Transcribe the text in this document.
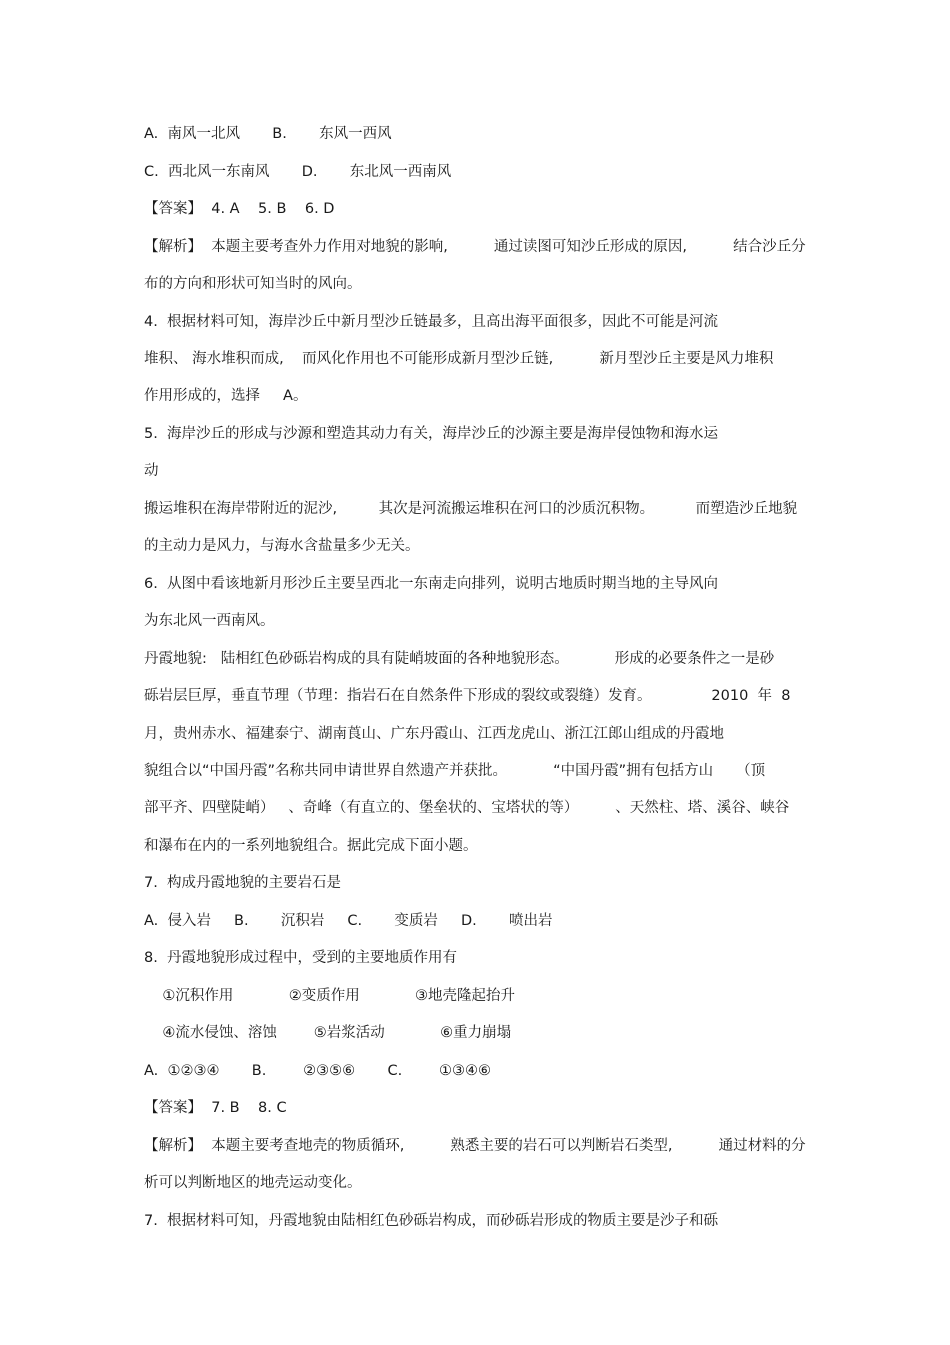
A.  南风一北风       B.       东风一西风
C.  西北风一东南风       D.       东北风一西南风
【答案】  4. A    5. B    6. D
【解析】  本题主要考查外力作用对地貌的影响,          通过读图可知沙丘形成的原因,          结合沙丘分
布的方向和形状可知当时的风向。
4.  根据材料可知，海岸沙丘中新月型沙丘链最多，且高出海平面很多，因此不可能是河流
堆积、 海水堆积而成,    而风化作用也不可能形成新月型沙丘链,          新月型沙丘主要是风力堆积
作用形成的，选择     A。
5.  海岸沙丘的形成与沙源和塑造其动力有关，海岸沙丘的沙源主要是海岸侵蚀物和海水运
动
搬运堆积在海岸带附近的泥沙,         其次是河流搬运堆积在河口的沙质沉积物。         而塑造沙丘地貌
的主动力是风力，与海水含盐量多少无关。
6.  从图中看该地新月形沙丘主要呈西北一东南走向排列，说明古地质时期当地的主导风向
为东北风一西南风。
丹霞地貌:   陆相红色砂砾岩构成的具有陡峭坡面的各种地貌形态。          形成的必要条件之一是砂
砾岩层巨厚，垂直节理（节理：指岩石在自然条件下形成的裂纹或裂缝）发育。             2010  年  8
月，贵州赤水、福建泰宁、湖南莨山、广东丹霞山、江西龙虎山、浙江江郎山组成的丹霞地
貌组合以“中国丹霞”名称共同申请世界自然遗产并获批。          “中国丹霞”拥有包括方山     （顶
部平齐、四壁陡峭）   、奇峰（有直立的、堡垒状的、宝塔状的等）        、天然柱、塔、溪谷、峡谷
和瀑布在内的一系列地貌组合。据此完成下面小题。
7.  构成丹霞地貌的主要岩石是
A.  侵入岩     B.       沉积岩     C.       变质岩     D.       喷出岩
8.  丹霞地貌形成过程中，受到的主要地质作用有
①沉积作用            ②变质作用            ③地壳隆起抬升
④流水侵蚀、溶蚀        ⑤岩浆活动            ⑥重力崩塌
A.  ①②③④       B.        ②③⑤⑥       C.        ①③④⑥
【答案】  7. B    8. C
【解析】  本题主要考查地壳的物质循环,          熟悉主要的岩石可以判断岩石类型,          通过材料的分
析可以判断地区的地壳运动变化。
7.  根据材料可知，丹霞地貌由陆相红色砂砾岩构成，而砂砾岩形成的物质主要是沙子和砾
